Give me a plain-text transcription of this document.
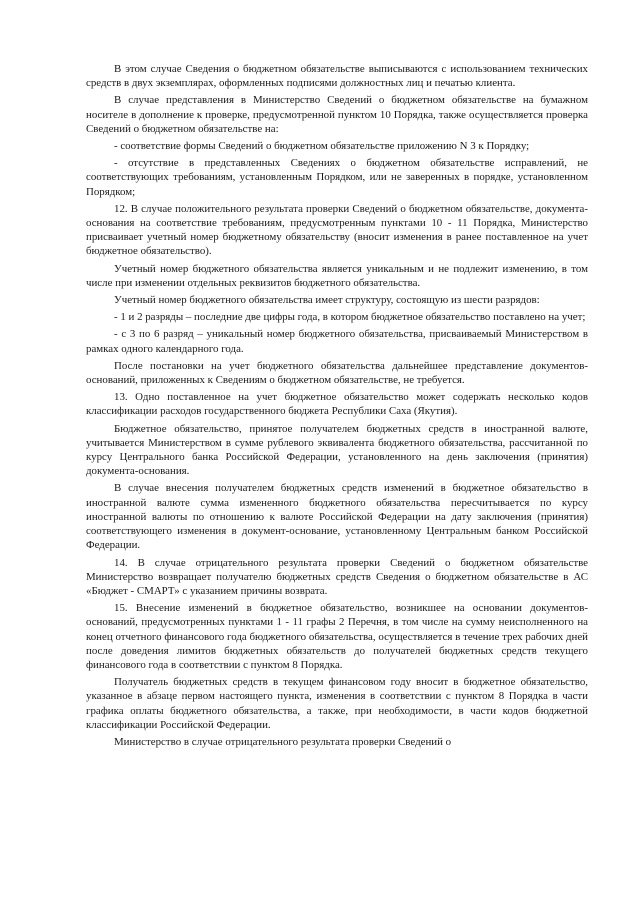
В этом случае Сведения о бюджетном обязательстве выписываются с использованием технических средств в двух экземплярах, оформленных подписями должностных лиц и печатью клиента.

В случае представления в Министерство Сведений о бюджетном обязательстве на бумажном носителе в дополнение к проверке, предусмотренной пунктом 10 Порядка, также осуществляется проверка Сведений о бюджетном обязательстве на:

- соответствие формы Сведений о бюджетном обязательстве приложению N 3 к Порядку;

- отсутствие в представленных Сведениях о бюджетном обязательстве исправлений, не соответствующих требованиям, установленным Порядком, или не заверенных в порядке, установленном Порядком;

12. В случае положительного результата проверки Сведений о бюджетном обязательстве, документа-основания на соответствие требованиям, предусмотренным пунктами 10 - 11 Порядка, Министерство присваивает учетный номер бюджетному обязательству (вносит изменения в ранее поставленное на учет бюджетное обязательство).

Учетный номер бюджетного обязательства является уникальным и не подлежит изменению, в том числе при изменении отдельных реквизитов бюджетного обязательства.

Учетный номер бюджетного обязательства имеет структуру, состоящую из шести разрядов:

- 1 и 2 разряды – последние две цифры года, в котором бюджетное обязательство поставлено на учет;

- с 3 по 6 разряд – уникальный номер бюджетного обязательства, присваиваемый Министерством в рамках одного календарного года.

После постановки на учет бюджетного обязательства дальнейшее представление документов-оснований, приложенных к Сведениям о бюджетном обязательстве, не требуется.

13. Одно поставленное на учет бюджетное обязательство может содержать несколько кодов классификации расходов государственного бюджета Республики Саха (Якутия).

Бюджетное обязательство, принятое получателем бюджетных средств в иностранной валюте, учитывается Министерством в сумме рублевого эквивалента бюджетного обязательства, рассчитанной по курсу Центрального банка Российской Федерации, установленного на день заключения (принятия) документа-основания.

В случае внесения получателем бюджетных средств изменений в бюджетное обязательство в иностранной валюте сумма измененного бюджетного обязательства пересчитывается по курсу иностранной валюты по отношению к валюте Российской Федерации на дату заключения (принятия) соответствующего изменения в документ-основание, установленному Центральным банком Российской Федерации.

14. В случае отрицательного результата проверки Сведений о бюджетном обязательстве Министерство возвращает получателю бюджетных средств Сведения о бюджетном обязательстве в АС «Бюджет - СМАРТ» с указанием причины возврата.

15. Внесение изменений в бюджетное обязательство, возникшее на основании документов-оснований, предусмотренных пунктами 1 - 11 графы 2 Перечня, в том числе на сумму неисполненного на конец отчетного финансового года бюджетного обязательства, осуществляется в течение трех рабочих дней после доведения лимитов бюджетных обязательств до получателей бюджетных средств текущего финансового года в соответствии с пунктом 8 Порядка.

Получатель бюджетных средств в текущем финансовом году вносит в бюджетное обязательство, указанное в абзаце первом настоящего пункта, изменения в соответствии с пунктом 8 Порядка в части графика оплаты бюджетного обязательства, а также, при необходимости, в части кодов бюджетной классификации Российской Федерации.

Министерство в случае отрицательного результата проверки Сведений о
